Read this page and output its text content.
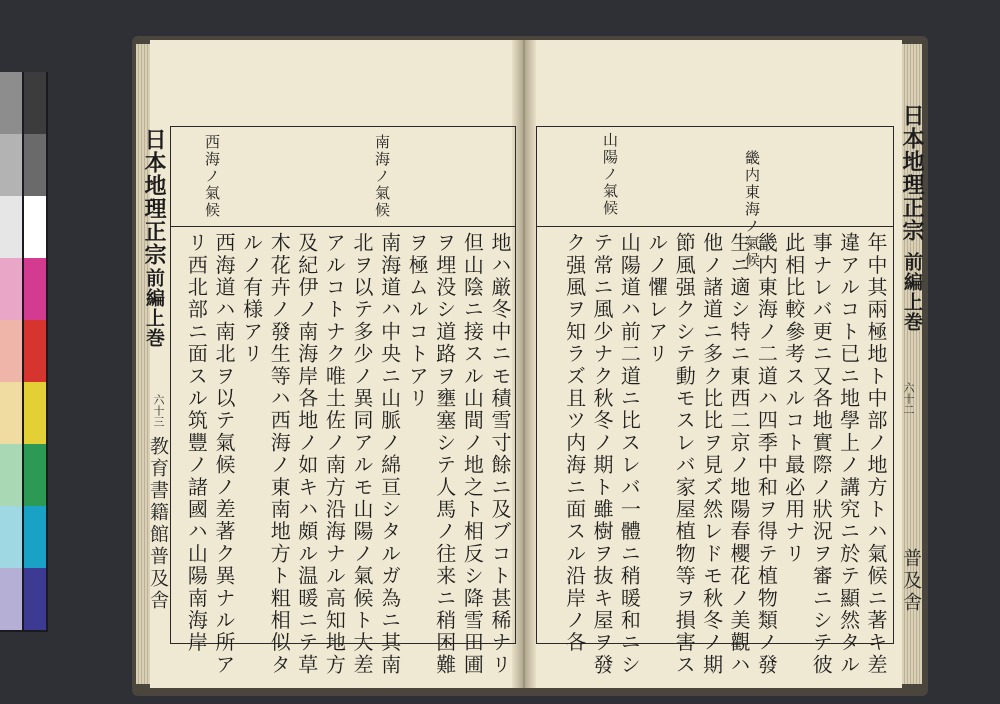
南海ノ氣候
西海ノ氣候
日本地理正宗
前編上巻
六十三
教育書籍館普及舎	地ハ厳冬中ニモ積雪寸餘ニ及ブコト甚稀ナリ
但山陰ニ接スル山間ノ地之ト相反シ降雪田圃
ヲ埋没シ道路ヲ壅塞シテ人馬ノ往来ニ稍困難
ヲ極ムルコトアリ
南海道ハ中央ニ山脈ノ綿亘シタルガ為ニ其南
北ヲ以テ多少ノ異同アルモ山陽ノ氣候ト大差
アルコトナク唯土佐ノ南方沿海ナル高知地方
及紀伊ノ南海岸各地ノ如キハ頗ル温暖ニテ草
木花卉ノ發生等ハ西海ノ東南地方ト粗相似タ
ルノ有様アリ
西海道ハ南北ヲ以テ氣候ノ差著ク異ナル所ア
リ西北部ニ面スル筑豐ノ諸國ハ山陽南海岸
畿内東海ノ氣候
山陽ノ氣候	日本地理正宗
前編上巻
六十二
普及舎
年中其兩極地ト中部ノ地方トハ氣候ニ著キ差
違アルコト已ニ地學上ノ講究ニ於テ顯然タル
事ナレバ更ニ又各地實際ノ狀況ヲ審ニシテ彼
此相比較參考スルコト最必用ナリ
畿内東海ノ二道ハ四季中和ヲ得テ植物類ノ發
生ニ適シ特ニ東西二京ノ地陽春櫻花ノ美觀ハ
他ノ諸道ニ多ク比比ヲ見ズ然レドモ秋冬ノ期
節風强クシテ動モスレバ家屋植物等ヲ損害ス
ルノ懼レアリ
山陽道ハ前二道ニ比スレバ一體ニ稍暖和ニシ
テ常ニ風少ナク秋冬ノ期ト雖樹ヲ抜キ屋ヲ發
ク强風ヲ知ラズ且ツ内海ニ面スル沿岸ノ各
